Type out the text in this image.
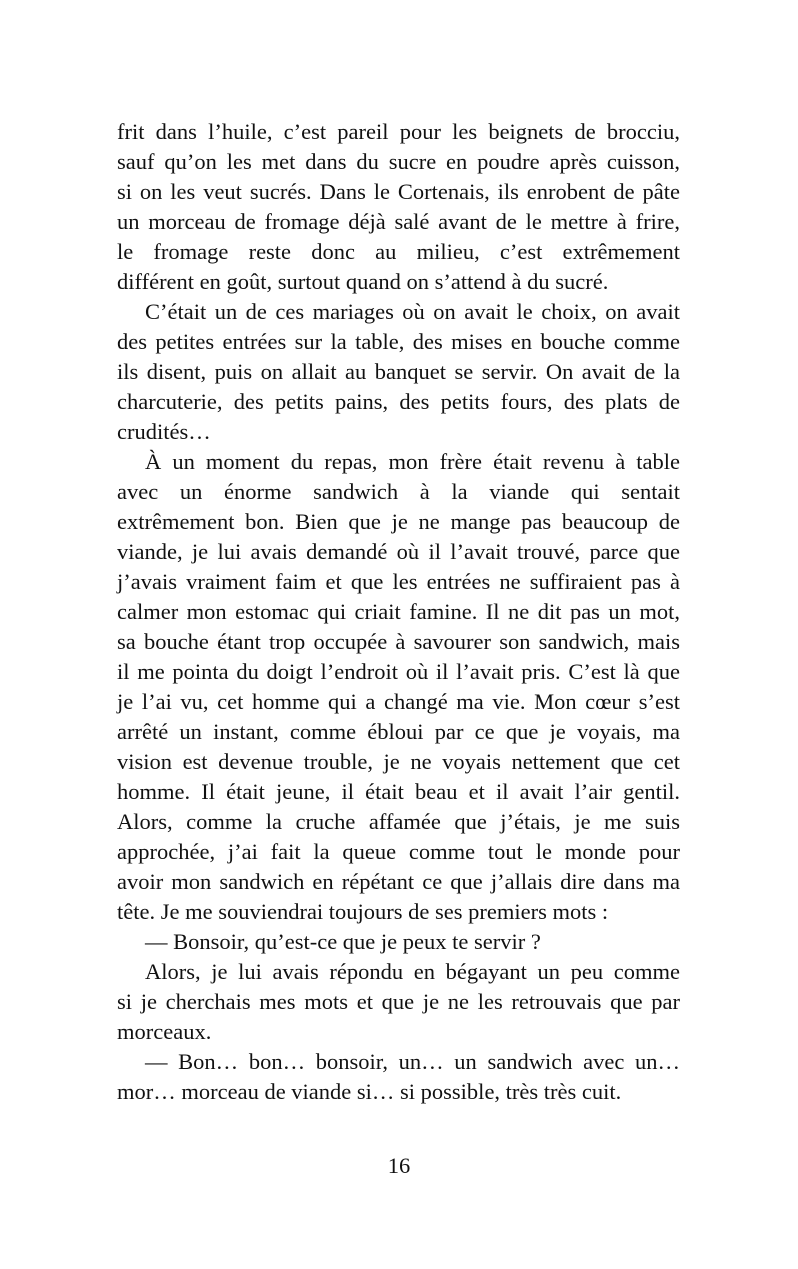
frit dans l’huile, c’est pareil pour les beignets de brocciu,
sauf qu’on les met dans du sucre en poudre après cuisson,
si on les veut sucrés. Dans le Cortenais, ils enrobent de pâte
un morceau de fromage déjà salé avant de le mettre à frire,
le fromage reste donc au milieu, c’est extrêmement
différent en goût, surtout quand on s’attend à du sucré.

C’était un de ces mariages où on avait le choix, on avait
des petites entrées sur la table, des mises en bouche comme
ils disent, puis on allait au banquet se servir. On avait de la
charcuterie, des petits pains, des petits fours, des plats de
crudités…

À un moment du repas, mon frère était revenu à table
avec un énorme sandwich à la viande qui sentait
extrêmement bon. Bien que je ne mange pas beaucoup de
viande, je lui avais demandé où il l’avait trouvé, parce que
j’avais vraiment faim et que les entrées ne suffiraient pas à
calmer mon estomac qui criait famine. Il ne dit pas un mot,
sa bouche étant trop occupée à savourer son sandwich, mais
il me pointa du doigt l’endroit où il l’avait pris. C’est là que
je l’ai vu, cet homme qui a changé ma vie. Mon cœur s’est
arrêté un instant, comme ébloui par ce que je voyais, ma
vision est devenue trouble, je ne voyais nettement que cet
homme. Il était jeune, il était beau et il avait l’air gentil.
Alors, comme la cruche affamée que j’étais, je me suis
approchée, j’ai fait la queue comme tout le monde pour
avoir mon sandwich en répétant ce que j’allais dire dans ma
tête. Je me souviendrai toujours de ses premiers mots :

— Bonsoir, qu’est-ce que je peux te servir ?

Alors, je lui avais répondu en bégayant un peu comme
si je cherchais mes mots et que je ne les retrouvais que par
morceaux.

— Bon… bon… bonsoir, un… un sandwich avec un…
mor… morceau de viande si… si possible, très très cuit.

16
